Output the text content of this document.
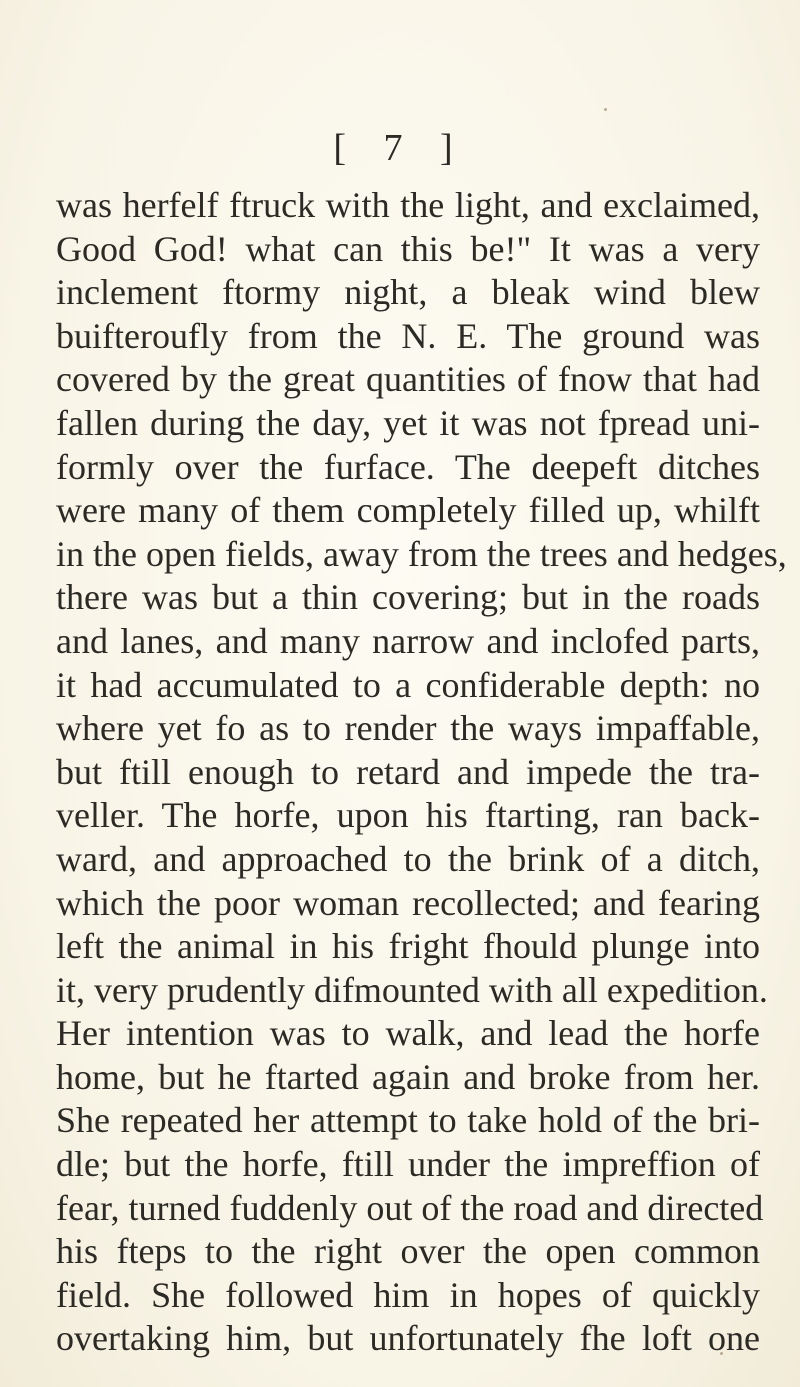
[ 7 ]
was herfelf ftruck with the light, and exclaimed,
Good God! what can this be!" It was a very
inclement ftormy night, a bleak wind blew
buifteroufly from the N. E. The ground was
covered by the great quantities of fnow that had
fallen during the day, yet it was not fpread uni-
formly over the furface. The deepeft ditches
were many of them completely filled up, whilft
in the open fields, away from the trees and hedges,
there was but a thin covering; but in the roads
and lanes, and many narrow and inclofed parts,
it had accumulated to a confiderable depth: no
where yet fo as to render the ways impaffable,
but ftill enough to retard and impede the tra-
veller. The horfe, upon his ftarting, ran back-
ward, and approached to the brink of a ditch,
which the poor woman recollected; and fearing
left the animal in his fright fhould plunge into
it, very prudently difmounted with all expedition.
Her intention was to walk, and lead the horfe
home, but he ftarted again and broke from her.
She repeated her attempt to take hold of the bri-
dle; but the horfe, ftill under the impreffion of
fear, turned fuddenly out of the road and directed
his fteps to the right over the open common
field. She followed him in hopes of quickly
overtaking him, but unfortunately fhe loft one
